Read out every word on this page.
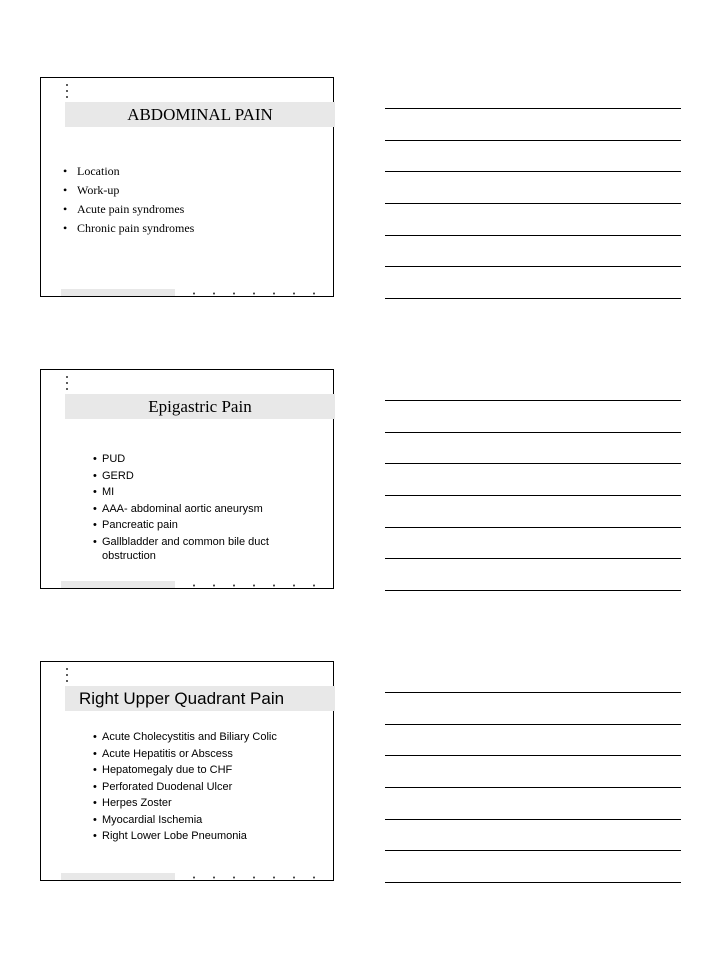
ABDOMINAL PAIN
• Location
• Work-up
• Acute pain syndromes
• Chronic pain syndromes
Epigastric Pain
• PUD
• GERD
• MI
• AAA- abdominal aortic aneurysm
• Pancreatic pain
• Gallbladder and common bile duct obstruction
Right Upper Quadrant Pain
• Acute Cholecystitis and Biliary Colic
• Acute Hepatitis or Abscess
• Hepatomegaly due to CHF
• Perforated Duodenal Ulcer
• Herpes Zoster
• Myocardial Ischemia
• Right Lower Lobe Pneumonia
